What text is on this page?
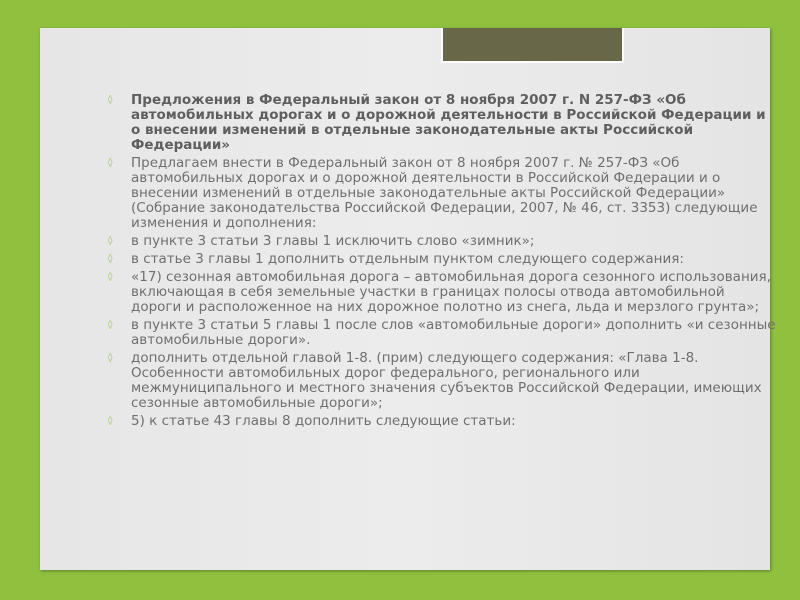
◊ Предложения в Федеральный закон от 8 ноября 2007 г. N 257-ФЗ «Об автомобильных дорогах и о дорожной деятельности в Российской Федерации и о внесении изменений в отдельные законодательные акты Российской Федерации»
◊ Предлагаем внести в Федеральный закон от 8 ноября 2007 г. № 257-ФЗ «Об автомобильных дорогах и о дорожной деятельности в Российской Федерации и о внесении изменений в отдельные законодательные акты Российской Федерации» (Собрание законодательства Российской Федерации, 2007, № 46, ст. 3353) следующие изменения и дополнения:
◊ в пункте 3 статьи 3 главы 1 исключить слово «зимник»;
◊ в статье 3 главы 1 дополнить отдельным пунктом следующего содержания:
◊ «17) сезонная автомобильная дорога – автомобильная дорога сезонного использования, включающая в себя земельные участки в границах полосы отвода автомобильной дороги и расположенное на них дорожное полотно из снега, льда и мерзлого грунта»;
◊ в пункте 3 статьи 5 главы 1 после слов «автомобильные дороги» дополнить «и сезонные автомобильные дороги».
◊ дополнить отдельной главой 1-8. (прим) следующего содержания: «Глава 1-8. Особенности автомобильных дорог федерального, регионального или межмуниципального и местного значения субъектов Российской Федерации, имеющих сезонные автомобильные дороги»;
◊ 5) к статье 43 главы 8 дополнить следующие статьи:
